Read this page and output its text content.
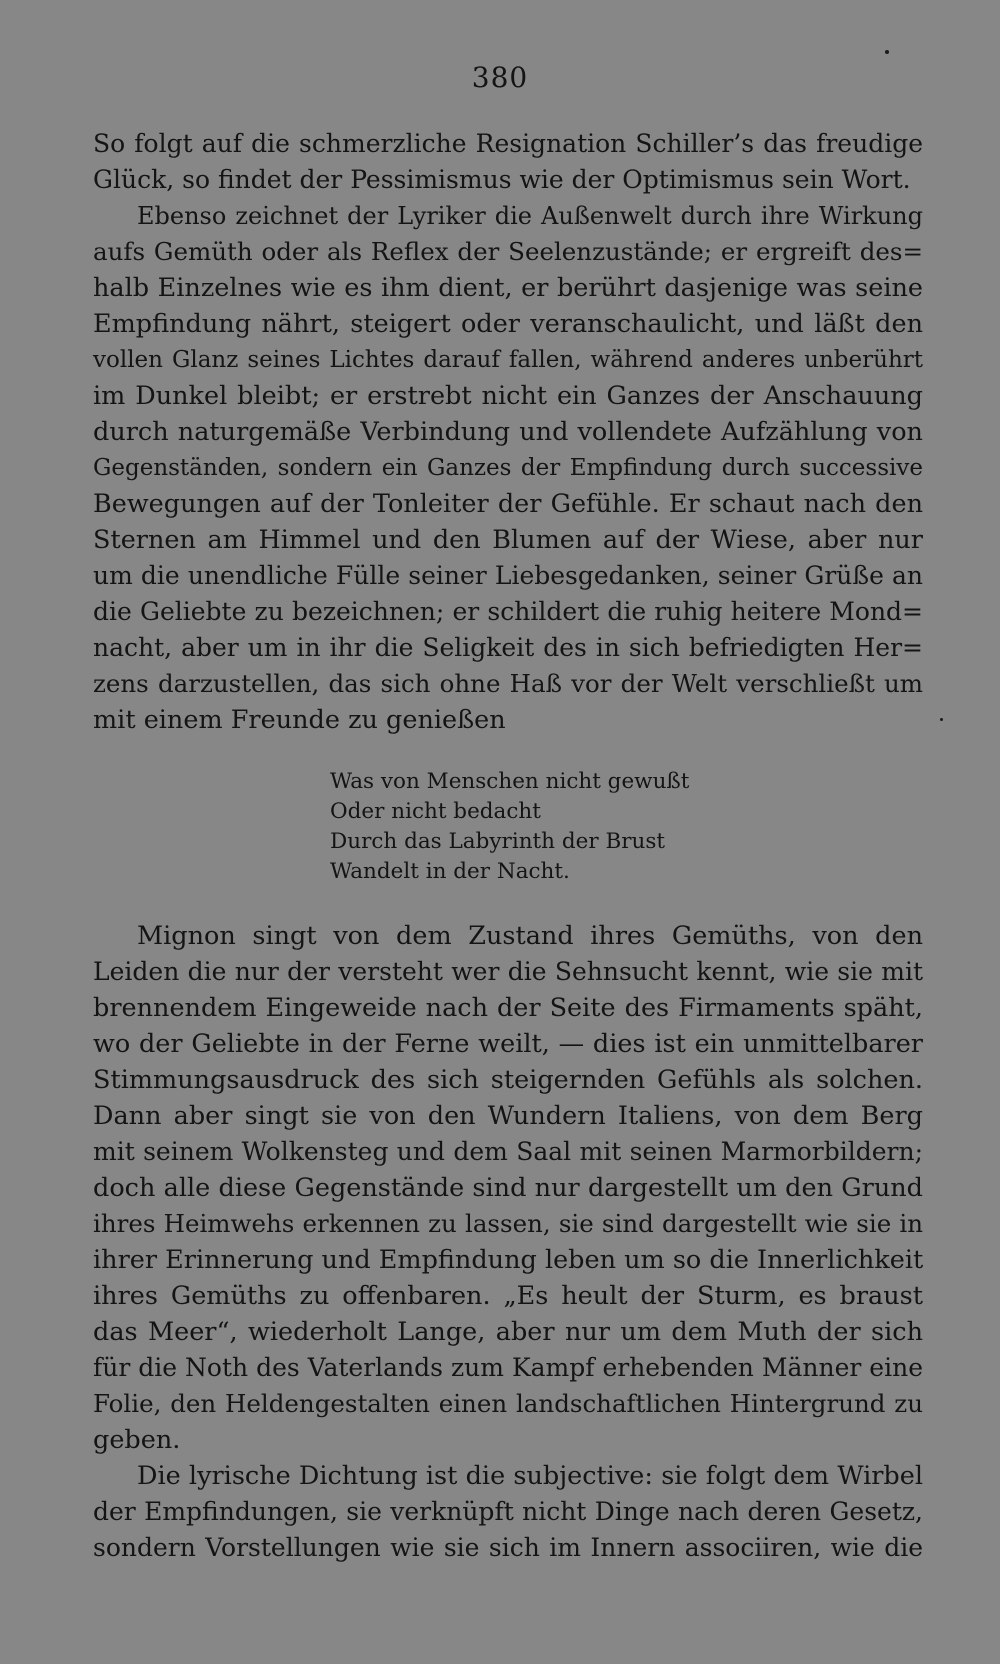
380
So folgt auf die schmerzliche Resignation Schiller’s das freudige
Glück, so findet der Pessimismus wie der Optimismus sein Wort.
Ebenso zeichnet der Lyriker die Außenwelt durch ihre Wirkung
aufs Gemüth oder als Reflex der Seelenzustände; er ergreift des=
halb Einzelnes wie es ihm dient, er berührt dasjenige was seine
Empfindung nährt, steigert oder veranschaulicht, und läßt den
vollen Glanz seines Lichtes darauf fallen, während anderes unberührt
im Dunkel bleibt; er erstrebt nicht ein Ganzes der Anschauung
durch naturgemäße Verbindung und vollendete Aufzählung von
Gegenständen, sondern ein Ganzes der Empfindung durch successive
Bewegungen auf der Tonleiter der Gefühle. Er schaut nach den
Sternen am Himmel und den Blumen auf der Wiese, aber nur
um die unendliche Fülle seiner Liebesgedanken, seiner Grüße an
die Geliebte zu bezeichnen; er schildert die ruhig heitere Mond=
nacht, aber um in ihr die Seligkeit des in sich befriedigten Her=
zens darzustellen, das sich ohne Haß vor der Welt verschließt um
mit einem Freunde zu genießen
Was von Menschen nicht gewußt
Oder nicht bedacht
Durch das Labyrinth der Brust
Wandelt in der Nacht.
Mignon singt von dem Zustand ihres Gemüths, von den
Leiden die nur der versteht wer die Sehnsucht kennt, wie sie mit
brennendem Eingeweide nach der Seite des Firmaments späht,
wo der Geliebte in der Ferne weilt, — dies ist ein unmittelbarer
Stimmungsausdruck des sich steigernden Gefühls als solchen.
Dann aber singt sie von den Wundern Italiens, von dem Berg
mit seinem Wolkensteg und dem Saal mit seinen Marmorbildern;
doch alle diese Gegenstände sind nur dargestellt um den Grund
ihres Heimwehs erkennen zu lassen, sie sind dargestellt wie sie in
ihrer Erinnerung und Empfindung leben um so die Innerlichkeit
ihres Gemüths zu offenbaren. „Es heult der Sturm, es braust
das Meer“, wiederholt Lange, aber nur um dem Muth der sich
für die Noth des Vaterlands zum Kampf erhebenden Männer eine
Folie, den Heldengestalten einen landschaftlichen Hintergrund zu
geben.
Die lyrische Dichtung ist die subjective: sie folgt dem Wirbel
der Empfindungen, sie verknüpft nicht Dinge nach deren Gesetz,
sondern Vorstellungen wie sie sich im Innern associiren, wie die
